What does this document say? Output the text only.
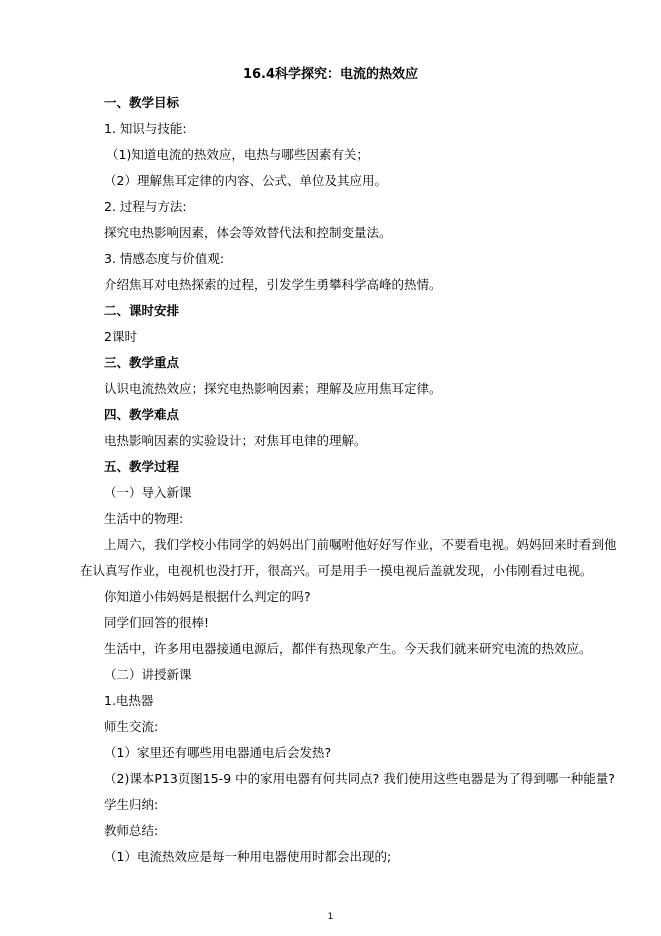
16.4科学探究：电流的热效应
一、教学目标
1. 知识与技能:
（1)知道电流的热效应，电热与哪些因素有关；
（2）理解焦耳定律的内容、公式、单位及其应用。
2. 过程与方法:
探究电热影响因素，体会等效替代法和控制变量法。
3. 情感态度与价值观:
介绍焦耳对电热探索的过程，引发学生勇攀科学高峰的热情。
二、课时安排
2课时
三、教学重点
认识电流热效应；探究电热影响因素；理解及应用焦耳定律。
四、教学难点
电热影响因素的实验设计；对焦耳电律的理解。
五、教学过程
（一）导入新课
生活中的物理:
上周六，我们学校小伟同学的妈妈出门前嘱咐他好好写作业，不要看电视。妈妈回来时看到他
在认真写作业，电视机也没打开，很高兴。可是用手一摸电视后盖就发现，小伟刚看过电视。
你知道小伟妈妈是根据什么判定的吗?
同学们回答的很棒!
生活中，许多用电器接通电源后，都伴有热现象产生。今天我们就来研究电流的热效应。
（二）讲授新课
1.电热器
师生交流:
（1）家里还有哪些用电器通电后会发热?
（2)课本P13页图15-9 中的家用电器有何共同点? 我们使用这些电器是为了得到哪一种能量?
学生归纳:
教师总结:
（1）电流热效应是每一种用电器使用时都会出现的;
1
